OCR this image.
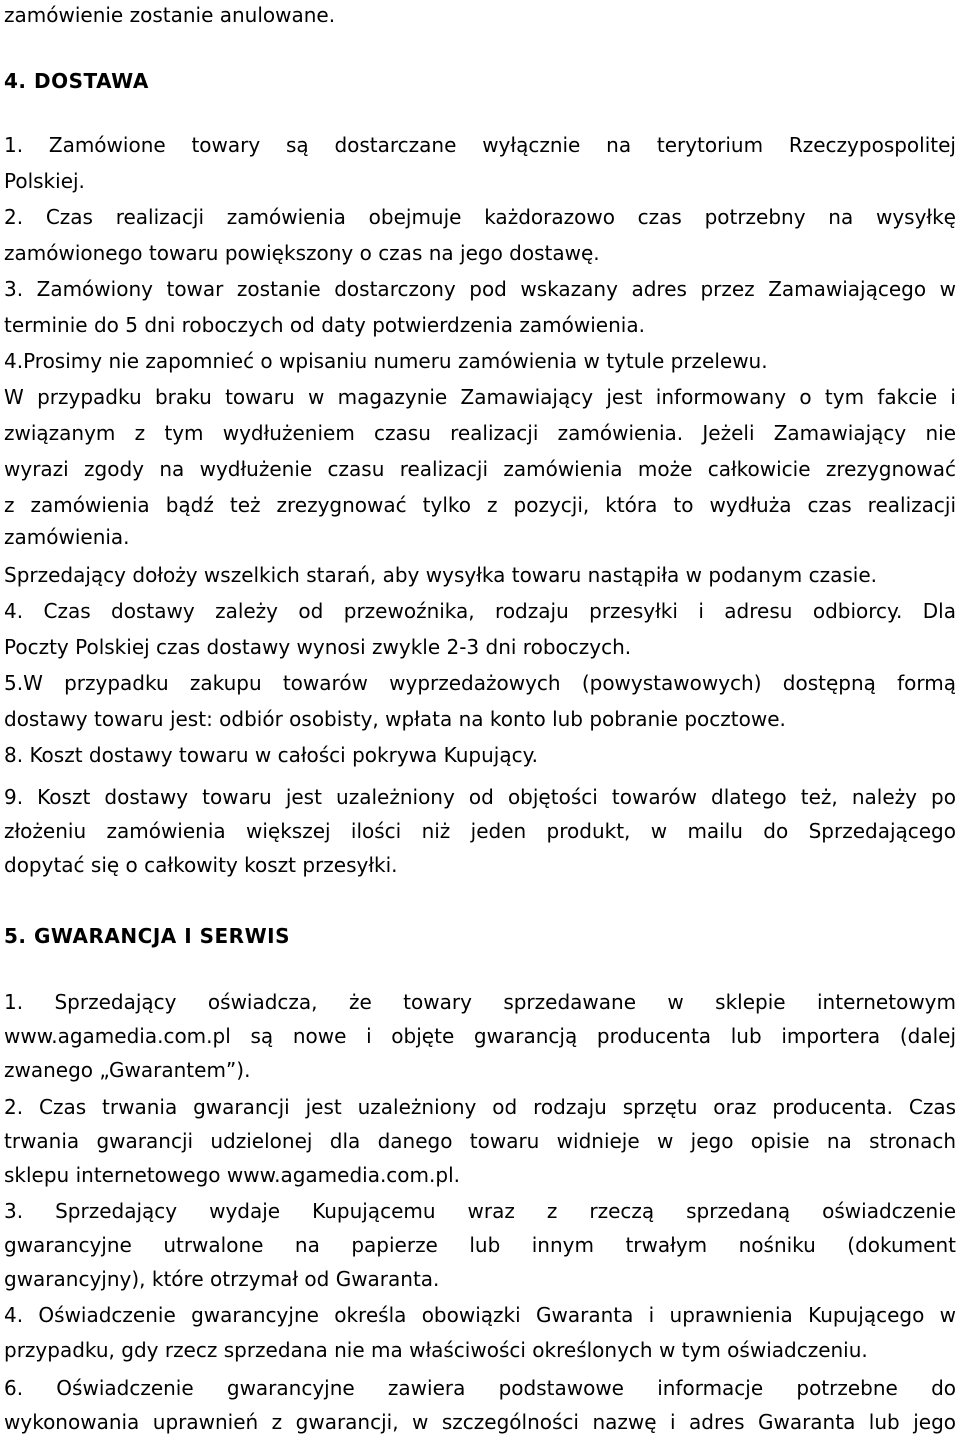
zamówienie zostanie anulowane.
4. DOSTAWA
1. Zamówione towary są dostarczane wyłącznie na terytorium Rzeczypospolitej
Polskiej.
2. Czas realizacji zamówienia obejmuje każdorazowo czas potrzebny na wysyłkę
zamówionego towaru powiększony o czas na jego dostawę.
3. Zamówiony towar zostanie dostarczony pod wskazany adres przez Zamawiającego w
terminie do 5 dni roboczych od daty potwierdzenia zamówienia.
4.Prosimy nie zapomnieć o wpisaniu numeru zamówienia w tytule przelewu.
W przypadku braku towaru w magazynie Zamawiający jest informowany o tym fakcie i
związanym z tym wydłużeniem czasu realizacji zamówienia. Jeżeli Zamawiający nie
wyrazi zgody na wydłużenie czasu realizacji zamówienia może całkowicie zrezygnować
z zamówienia bądź też zrezygnować tylko z pozycji, która to wydłuża czas realizacji
zamówienia.
Sprzedający dołoży wszelkich starań, aby wysyłka towaru nastąpiła w podanym czasie.
4. Czas dostawy zależy od przewoźnika, rodzaju przesyłki i adresu odbiorcy. Dla
Poczty Polskiej czas dostawy wynosi zwykle 2-3 dni roboczych.
5.W przypadku zakupu towarów wyprzedażowych (powystawowych) dostępną formą
dostawy towaru jest: odbiór osobisty, wpłata na konto lub pobranie pocztowe.
8. Koszt dostawy towaru w całości pokrywa Kupujący.
9. Koszt dostawy towaru jest uzależniony od objętości towarów dlatego też, należy po
złożeniu zamówienia większej ilości niż jeden produkt, w mailu do Sprzedającego
dopytać się o całkowity koszt przesyłki.
5. GWARANCJA I SERWIS
1. Sprzedający oświadcza, że towary sprzedawane w sklepie internetowym
www.agamedia.com.pl są nowe i objęte gwarancją producenta lub importera (dalej
zwanego „Gwarantem”).
2. Czas trwania gwarancji jest uzależniony od rodzaju sprzętu oraz producenta. Czas
trwania gwarancji udzielonej dla danego towaru widnieje w jego opisie na stronach
sklepu internetowego www.agamedia.com.pl.
3. Sprzedający wydaje Kupującemu wraz z rzeczą sprzedaną oświadczenie
gwarancyjne utrwalone na papierze lub innym trwałym nośniku (dokument
gwarancyjny), które otrzymał od Gwaranta.
4. Oświadczenie gwarancyjne określa obowiązki Gwaranta i uprawnienia Kupującego w
przypadku, gdy rzecz sprzedana nie ma właściwości określonych w tym oświadczeniu.
6. Oświadczenie gwarancyjne zawiera podstawowe informacje potrzebne do
wykonowania uprawnień z gwarancji, w szczególności nazwę i adres Gwaranta lub jego
